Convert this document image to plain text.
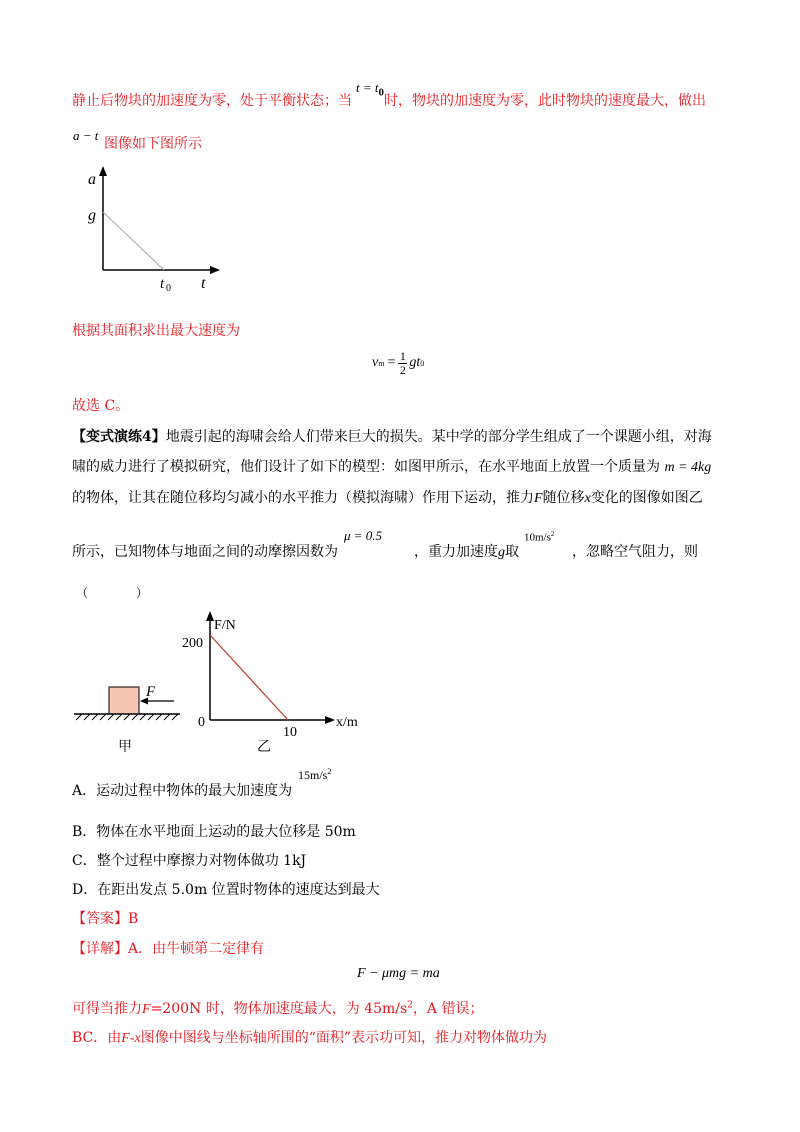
静止后物块的加速度为零，处于平衡状态；当
$t = t_0$
时，物块的加速度为零，此时物块的速度最大，做出
a − t
图像如下图所示
a
t
g
t 0
根据其面积求出最大速度为
v m = 1
2 gt 0
故选 C。
【变式演练4】地震引起的海啸会给人们带来巨大的损失。某中学的部分学生组成了一个课题小组，对海
啸的威力进行了模拟研究，他们设计了如下的模型：如图甲所示，在水平地面上放置一个质量为 m = 4kg
的物体，让其在随位移均匀减小的水平推力（模拟海啸）作用下运动，推力F随位移x变化的图像如图乙
所示，已知物体与地面之间的动摩擦因数为
μ = 0.5
，重力加速度g取
$10m/s^2$
，忽略空气阻力，则
（　　　　）
F
甲
F/N
x/m
200
10
0
乙
A．运动过程中物体的最大加速度为
$15m/s^2$
B．物体在水平地面上运动的最大位移是 50m
C．整个过程中摩擦力对物体做功 1kJ
D．在距出发点 5.0m 位置时物体的速度达到最大
【答案】B
【详解】A．由牛顿第二定律有
F − μmg = ma
可得当推力F=200N 时，物体加速度最大，为 $45m/s^2$，A 错误；
BC．由F-x图像中图线与坐标轴所围的“面积”表示功可知，推力对物体做功为
